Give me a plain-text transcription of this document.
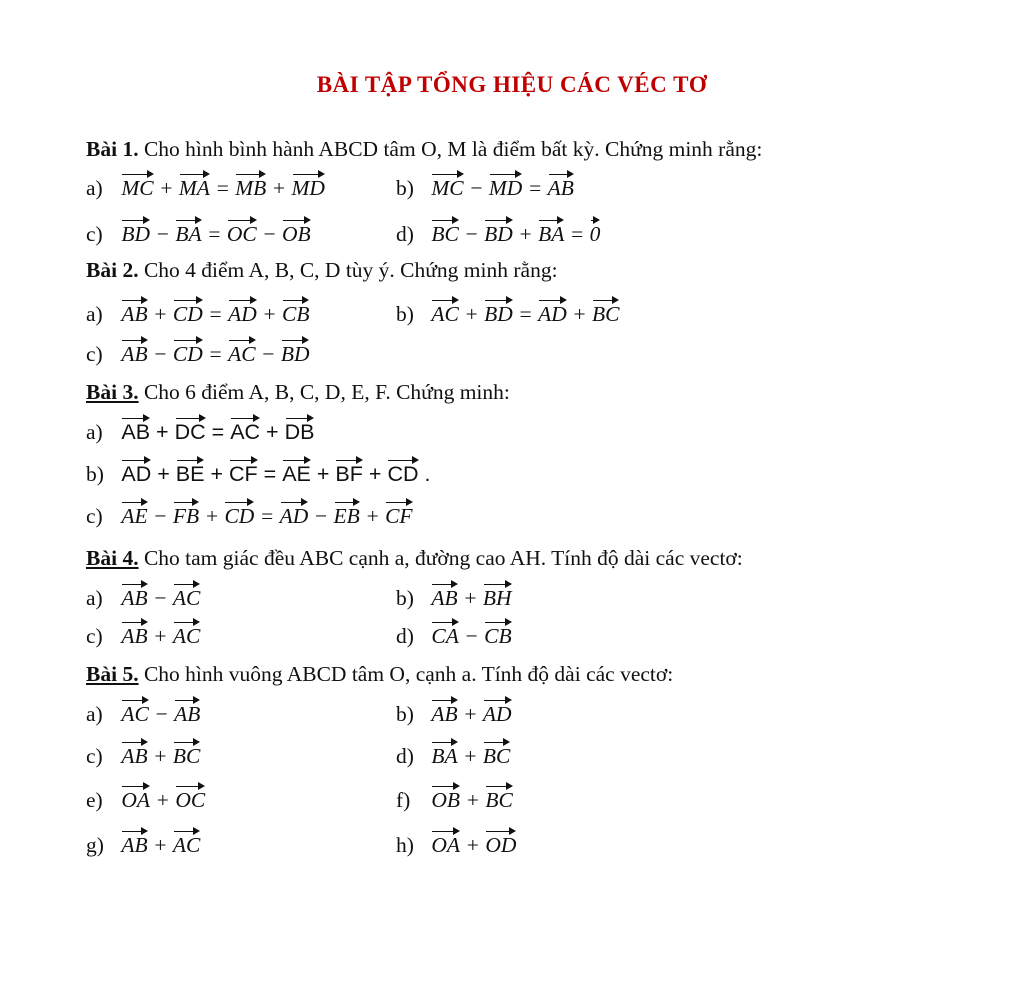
BÀI TẬP TỔNG HIỆU CÁC VÉC TƠ
Bài 1. Cho hình bình hành ABCD tâm O, M là điểm bất kỳ. Chứng minh rằng:
a) MC + MA = MB + MD	b) MC − MD = AB
c) BD − BA = OC − OB	d) BC − BD + BA = 0
Bài 2. Cho 4 điểm A, B, C, D tùy ý. Chứng minh rằng:
a) AB + CD = AD + CB	b) AC + BD = AD + BC
c) AB − CD = AC − BD
Bài 3. Cho 6 điểm A, B, C, D, E, F. Chứng minh:
a) AB + DC = AC + DB
b) AD + BE + CF = AE + BF + CD .
c) AE − FB + CD = AD − EB + CF
Bài 4. Cho tam giác đều ABC cạnh a, đường cao AH. Tính độ dài các vectơ:
a) AB − AC	b) AB + BH
c) AB + AC	d) CA − CB
Bài 5. Cho hình vuông ABCD tâm O, cạnh a. Tính độ dài các vectơ:
a) AC − AB	b) AB + AD
c) AB + BC	d) BA + BC
e) OA + OC	f) OB + BC
g) AB + AC	h) OA + OD
